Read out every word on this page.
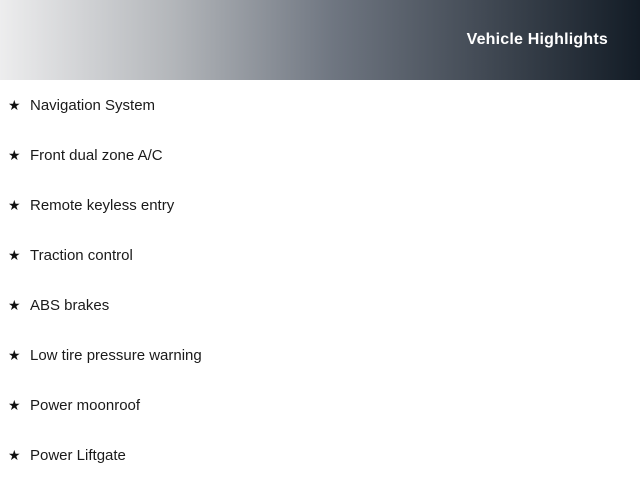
Vehicle Highlights
★ Navigation System
★ Front dual zone A/C
★ Remote keyless entry
★ Traction control
★ ABS brakes
★ Low tire pressure warning
★ Power moonroof
★ Power Liftgate
